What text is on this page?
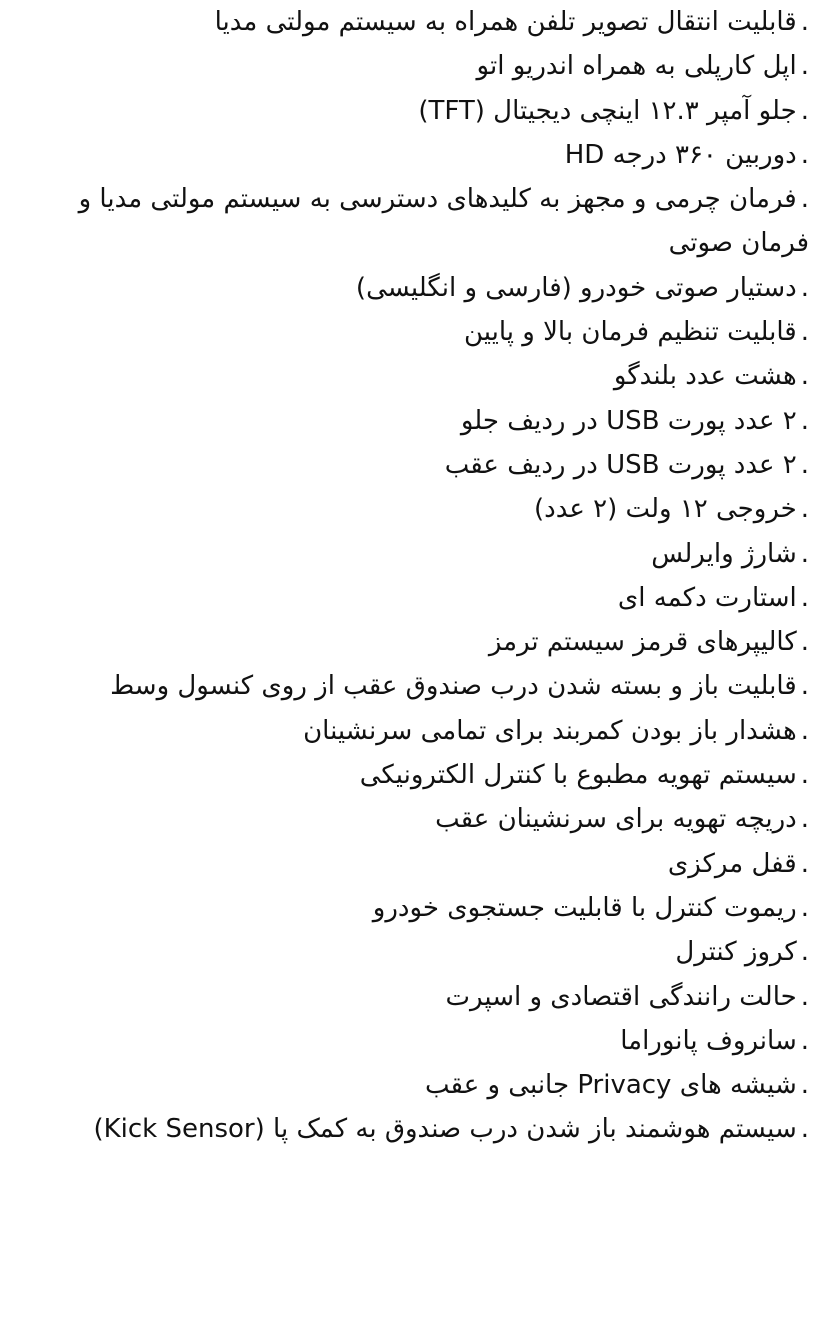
.قابلیت انتقال تصویر تلفن همراه به سیستم مولتی مدیا
.اپل کارپلی به همراه اندریو اتو
.جلو آمپر ۱۲.۳ اینچی دیجیتال (TFT)
.دوربین ۳۶۰ درجه HD
.فرمان چرمی و مجهز به کلیدهای دسترسی به سیستم مولتی مدیا و فرمان صوتی
.دستیار صوتی خودرو (فارسی و انگلیسی)
.قابلیت تنظیم فرمان بالا و پایین
.هشت عدد بلندگو
.۲ عدد پورت USB در ردیف جلو
.۲ عدد پورت USB در ردیف عقب
.خروجی ۱۲ ولت (۲ عدد)
.شارژ وایرلس
.استارت دکمه ای
.کالیپرهای قرمز سیستم ترمز
.قابلیت باز و بسته شدن درب صندوق عقب از روی کنسول وسط
.هشدار باز بودن کمربند برای تمامی سرنشینان
.سیستم تهویه مطبوع با کنترل الکترونیکی
.دریچه تهویه برای سرنشینان عقب
.قفل مرکزی
.ریموت کنترل با قابلیت جستجوی خودرو
.کروز کنترل
.حالت رانندگی اقتصادی و اسپرت
.سانروف پانوراما
.شیشه های Privacy جانبی و عقب
.سیستم هوشمند باز شدن درب صندوق به کمک پا (Kick Sensor)
